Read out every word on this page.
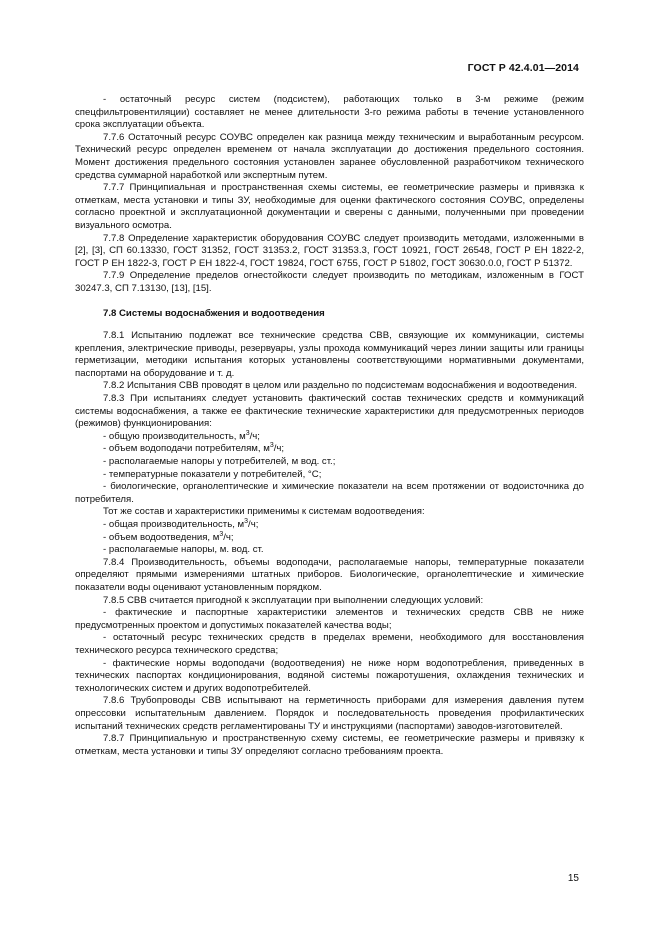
ГОСТ Р 42.4.01—2014

- остаточный ресурс систем (подсистем), работающих только в 3-м режиме (режим спецфильтровентиляции) составляет не менее длительности 3-го режима работы в течение установленного срока эксплуатации объекта.

7.7.6 Остаточный ресурс СОУВС определен как разница между техническим и выработанным ресурсом. Технический ресурс определен временем от начала эксплуатации до достижения предельного состояния. Момент достижения предельного состояния установлен заранее обусловленной разработчиком технического средства суммарной наработкой или экспертным путем.

7.7.7 Принципиальная и пространственная схемы системы, ее геометрические размеры и привязка к отметкам, места установки и типы ЗУ, необходимые для оценки фактического состояния СОУВС, определены согласно проектной и эксплуатационной документации и сверены с данными, полученными при проведении визуального осмотра.

7.7.8 Определение характеристик оборудования СОУВС следует производить методами, изложенными в [2], [3], СП 60.13330, ГОСТ 31352, ГОСТ 31353.2, ГОСТ 31353.3, ГОСТ 10921, ГОСТ 26548, ГОСТ Р ЕН 1822-2, ГОСТ Р ЕН 1822-3, ГОСТ Р ЕН 1822-4, ГОСТ 19824, ГОСТ 6755, ГОСТ Р 51802, ГОСТ 30630.0.0, ГОСТ Р 51372.

7.7.9 Определение пределов огнестойкости следует производить по методикам, изложенным в ГОСТ 30247.3, СП 7.13130, [13], [15].

7.8 Системы водоснабжения и водоотведения

7.8.1 Испытанию подлежат все технические средства СВВ, связующие их коммуникации, системы крепления, электрические приводы, резервуары, узлы прохода коммуникаций через линии защиты или границы герметизации, методики испытания которых установлены соответствующими нормативными документами, паспортами на оборудование и т. д.

7.8.2 Испытания СВВ проводят в целом или раздельно по подсистемам водоснабжения и водоотведения.

7.8.3 При испытаниях следует установить фактический состав технических средств и коммуникаций системы водоснабжения, а также ее фактические технические характеристики для предусмотренных периодов (режимов) функционирования:

- общую производительность, $м^3/ч$;

- объем водоподачи потребителям, $м^3/ч$;

- располагаемые напоры у потребителей, м вод. ст.;

- температурные показатели у потребителей, °С;

- биологические, органолептические и химические показатели на всем протяжении от водоисточника до потребителя.

Тот же состав и характеристики применимы к системам водоотведения:

- общая производительность, $м^3/ч$;

- объем водоотведения, $м^3/ч$;

- располагаемые напоры, м. вод. ст.

7.8.4 Производительность, объемы водоподачи, располагаемые напоры, температурные показатели определяют прямыми измерениями штатных приборов. Биологические, органолептические и химические показатели воды оценивают установленным порядком.

7.8.5 СВВ считается пригодной к эксплуатации при выполнении следующих условий:

- фактические и паспортные характеристики элементов и технических средств СВВ не ниже предусмотренных проектом и допустимых показателей качества воды;

- остаточный ресурс технических средств в пределах времени, необходимого для восстановления технического ресурса технического средства;

- фактические нормы водоподачи (водоотведения) не ниже норм водопотребления, приведенных в технических паспортах кондиционирования, водяной системы пожаротушения, охлаждения технических и технологических систем и других водопотребителей.

7.8.6 Трубопроводы СВВ испытывают на герметичность приборами для измерения давления путем опрессовки испытательным давлением. Порядок и последовательность проведения профилактических испытаний технических средств регламентированы ТУ и инструкциями (паспортами) заводов-изготовителей.

7.8.7 Принципиальную и пространственную схему системы, ее геометрические размеры и привязку к отметкам, места установки и типы ЗУ определяют согласно требованиям проекта.

15
